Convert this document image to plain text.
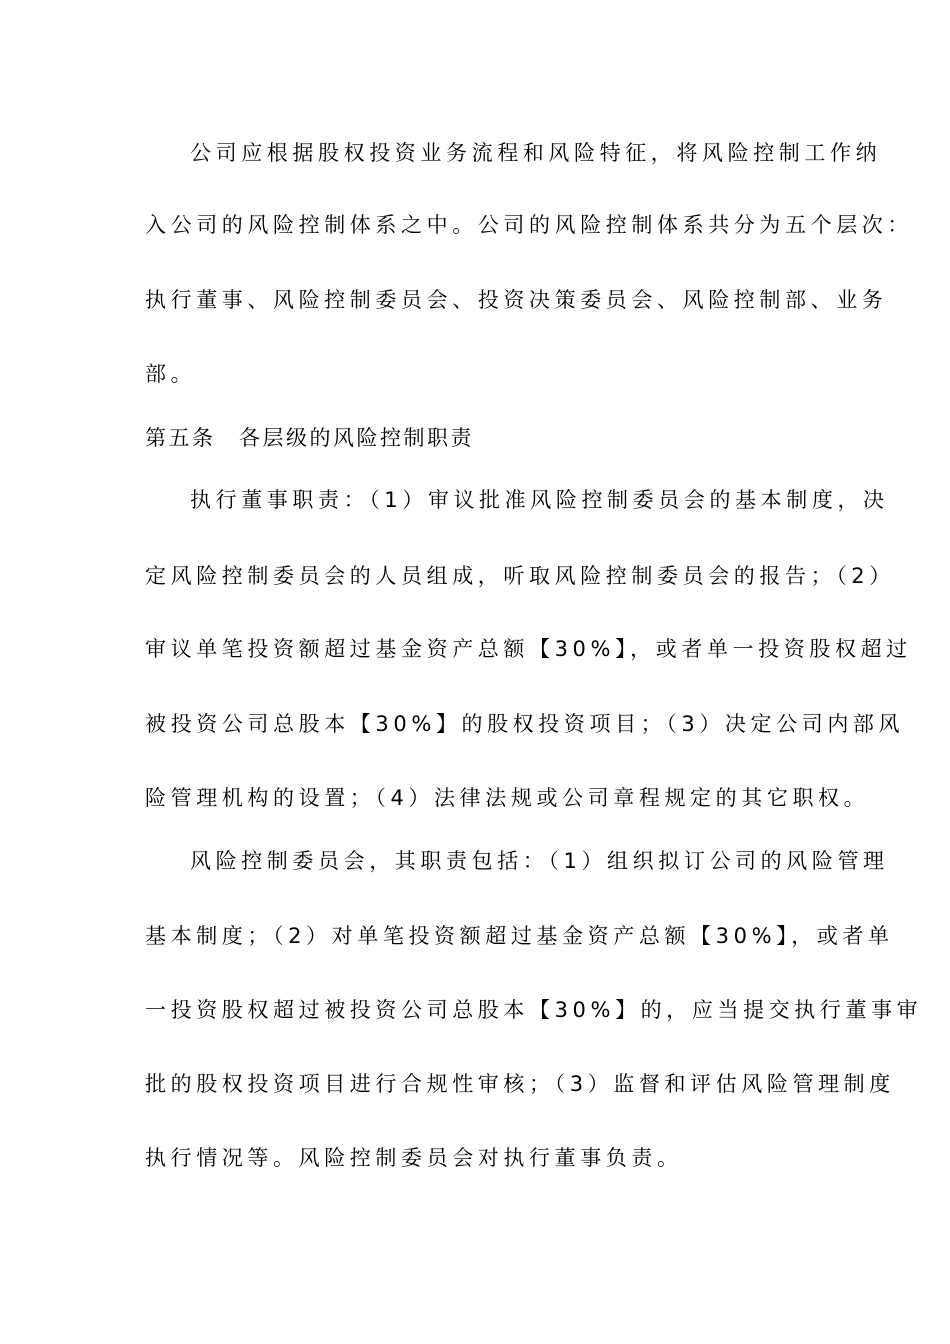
公司应根据股权投资业务流程和风险特征，将风险控制工作纳
入公司的风险控制体系之中。公司的风险控制体系共分为五个层次：
执行董事、风险控制委员会、投资决策委员会、风险控制部、业务
部。
第五条　各层级的风险控制职责
执行董事职责：（1）审议批准风险控制委员会的基本制度，决
定风险控制委员会的人员组成，听取风险控制委员会的报告；（2）
审议单笔投资额超过基金资产总额【30%】，或者单一投资股权超过
被投资公司总股本【30%】的股权投资项目；（3）决定公司内部风
险管理机构的设置；（4）法律法规或公司章程规定的其它职权。
风险控制委员会，其职责包括：（1）组织拟订公司的风险管理
基本制度；（2）对单笔投资额超过基金资产总额【30%】，或者单
一投资股权超过被投资公司总股本【30%】的，应当提交执行董事审
批的股权投资项目进行合规性审核；（3）监督和评估风险管理制度
执行情况等。风险控制委员会对执行董事负责。
